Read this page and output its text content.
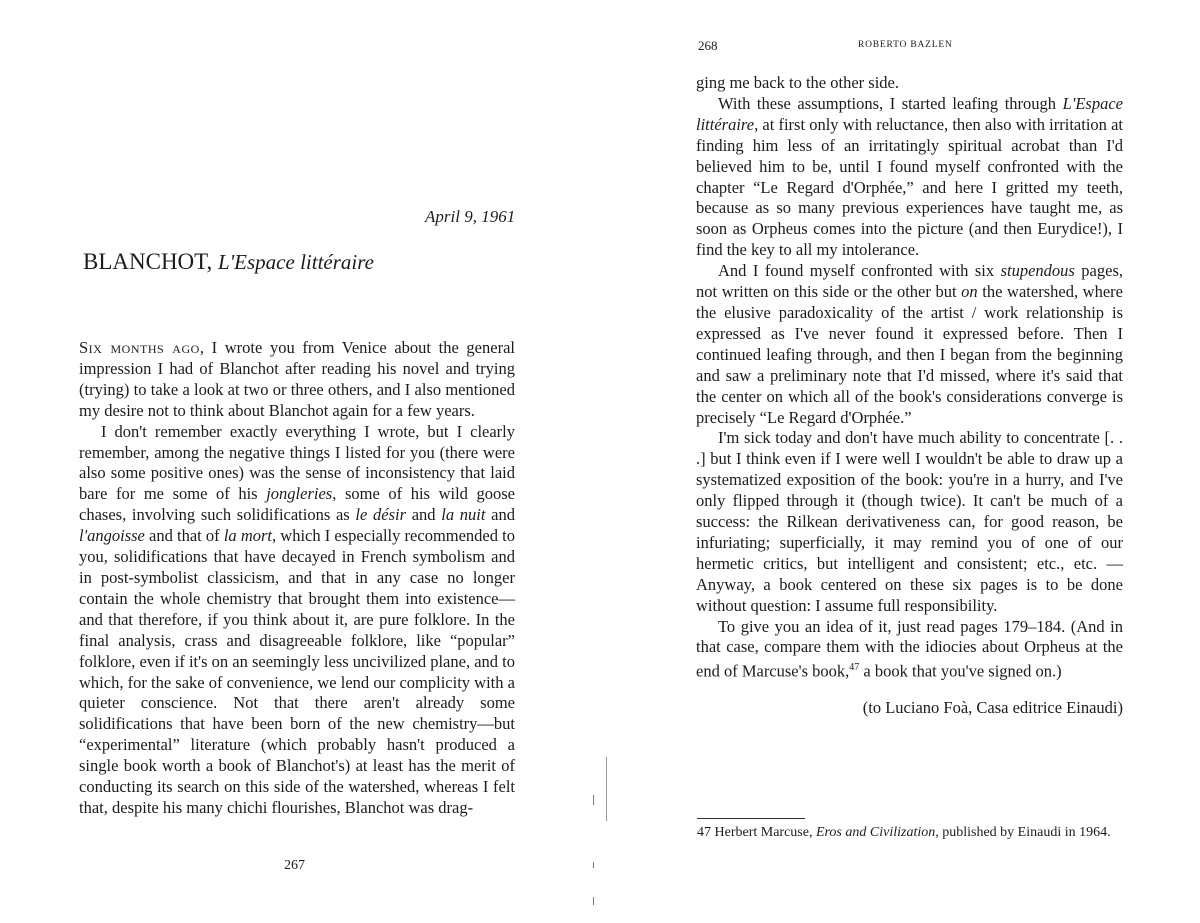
April 9, 1961
BLANCHOT, L'Espace littéraire

Six months ago, I wrote you from Venice about the general impression I had of Blanchot after reading his novel and trying (trying) to take a look at two or three others, and I also mentioned my desire not to think about Blanchot again for a few years.

I don't remember exactly everything I wrote, but I clearly remember, among the negative things I listed for you (there were also some positive ones) was the sense of inconsistency that laid bare for me some of his jongleries, some of his wild goose chases, involving such solidifications as le désir and la nuit and l'angoisse and that of la mort, which I especially recommended to you, solidifications that have decayed in French symbolism and in post-symbolist classicism, and that in any case no longer contain the whole chemistry that brought them into existence— and that therefore, if you think about it, are pure folklore. In the final analysis, crass and disagreeable folklore, like “popular” folklore, even if it's on an seemingly less uncivilized plane, and to which, for the sake of convenience, we lend our complicity with a quieter conscience. Not that there aren't already some solidifications that have been born of the new chemistry—but “experimental” literature (which probably hasn't produced a single book worth a book of Blanchot's) at least has the merit of conducting its search on this side of the watershed, whereas I felt that, despite his many chichi flourishes, Blanchot was drag-

267
268	ROBERTO BAZLEN

ging me back to the other side.

With these assumptions, I started leafing through L'Espace littéraire, at first only with reluctance, then also with irritation at finding him less of an irritatingly spiritual acrobat than I'd believed him to be, until I found myself confronted with the chapter “Le Regard d'Orphée,” and here I gritted my teeth, because as so many previous experiences have taught me, as soon as Orpheus comes into the picture (and then Eurydice!), I find the key to all my intolerance.

And I found myself confronted with six stupendous pages, not written on this side or the other but on the watershed, where the elusive paradoxicality of the artist / work relationship is expressed as I've never found it expressed before. Then I continued leafing through, and then I began from the beginning and saw a preliminary note that I'd missed, where it's said that the center on which all of the book's considerations converge is precisely “Le Regard d'Orphée.”

I'm sick today and don't have much ability to concentrate [. . .] but I think even if I were well I wouldn't be able to draw up a systematized exposition of the book: you're in a hurry, and I've only flipped through it (though twice). It can't be much of a success: the Rilkean derivativeness can, for good reason, be infuriating; superficially, it may remind you of one of our hermetic critics, but intelligent and consistent; etc., etc. —Anyway, a book centered on these six pages is to be done without question: I assume full responsibility.

To give you an idea of it, just read pages 179–184. (And in that case, compare them with the idiocies about Orpheus at the end of Marcuse's book,$^{47}$ a book that you've signed on.)

(to Luciano Foà, Casa editrice Einaudi)

47 Herbert Marcuse, Eros and Civilization, published by Einaudi in 1964.
